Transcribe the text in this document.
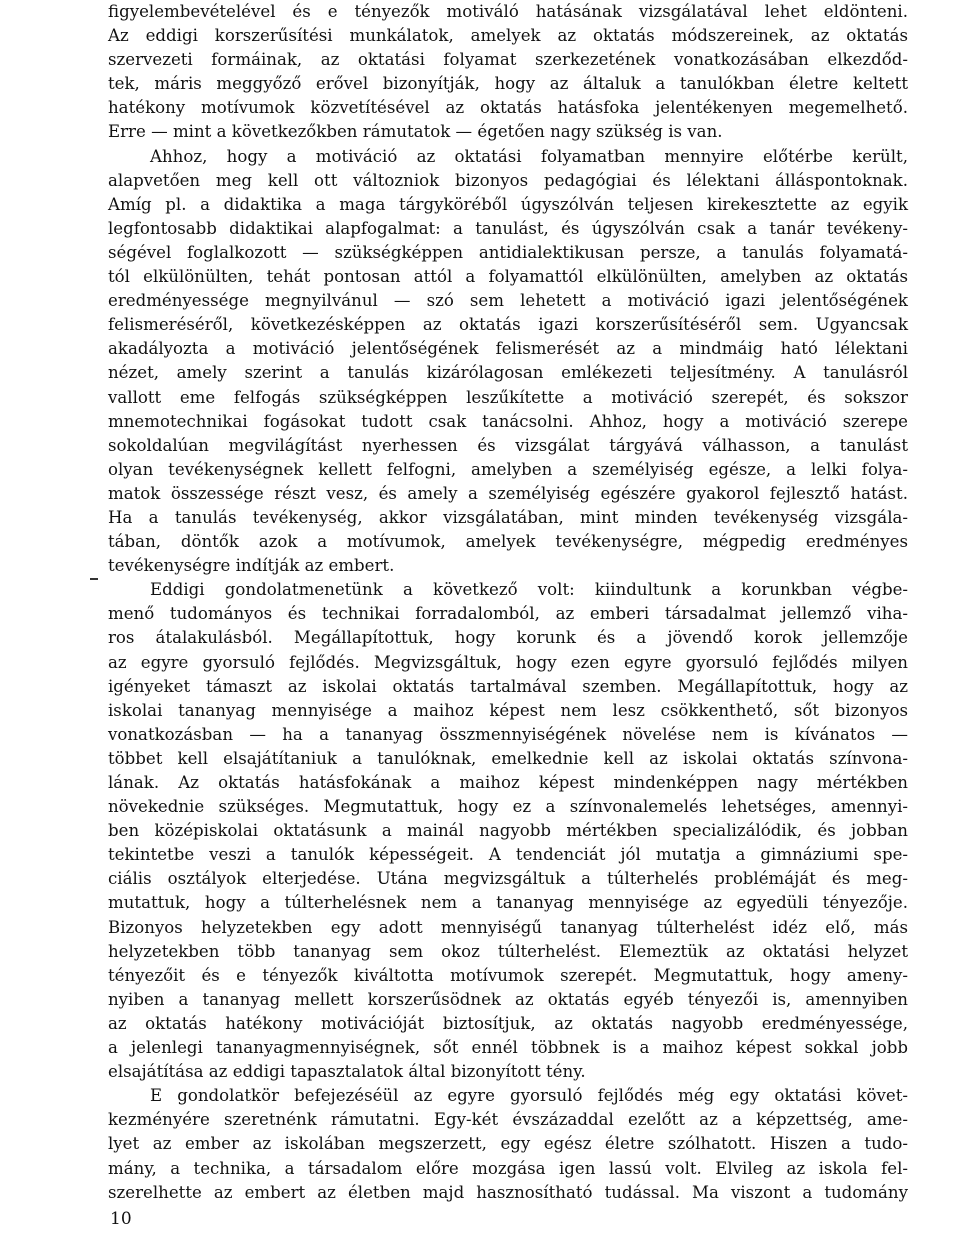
figyelembevételével és e tényezők motiváló hatásának vizsgálatával lehet eldönteni.
Az eddigi korszerűsítési munkálatok, amelyek az oktatás módszereinek, az oktatás
szervezeti formáinak, az oktatási folyamat szerkezetének vonatkozásában elkezdőd-
tek, máris meggyőző erővel bizonyítják, hogy az általuk a tanulókban életre keltett
hatékony motívumok közvetítésével az oktatás hatásfoka jelentékenyen megemelhető.
Erre — mint a következőkben rámutatok — égetően nagy szükség is van.
Ahhoz, hogy a motiváció az oktatási folyamatban mennyire előtérbe került,
alapvetően meg kell ott változniok bizonyos pedagógiai és lélektani álláspontoknak.
Amíg pl. a didaktika a maga tárgyköréből úgyszólván teljesen kirekesztette az egyik
legfontosabb didaktikai alapfogalmat: a tanulást, és úgyszólván csak a tanár tevékeny-
ségével foglalkozott — szükségképpen antidialektikusan persze, a tanulás folyamatá-
tól elkülönülten, tehát pontosan attól a folyamattól elkülönülten, amelyben az oktatás
eredményessége megnyilvánul — szó sem lehetett a motiváció igazi jelentőségének
felismeréséről, következésképpen az oktatás igazi korszerűsítéséről sem. Ugyancsak
akadályozta a motiváció jelentőségének felismerését az a mindmáig ható lélektani
nézet, amely szerint a tanulás kizárólagosan emlékezeti teljesítmény. A tanulásról
vallott eme felfogás szükségképpen leszűkítette a motiváció szerepét, és sokszor
mnemotechnikai fogásokat tudott csak tanácsolni. Ahhoz, hogy a motiváció szerepe
sokoldalúan megvilágítást nyerhessen és vizsgálat tárgyává válhasson, a tanulást
olyan tevékenységnek kellett felfogni, amelyben a személyiség egésze, a lelki folya-
matok összessége részt vesz, és amely a személyiség egészére gyakorol fejlesztő hatást.
Ha a tanulás tevékenység, akkor vizsgálatában, mint minden tevékenység vizsgála-
tában, döntők azok a motívumok, amelyek tevékenységre, mégpedig eredményes
tevékenységre indítják az embert.
Eddigi gondolatmenetünk a következő volt: kiindultunk a korunkban végbe-
menő tudományos és technikai forradalomból, az emberi társadalmat jellemző viha-
ros átalakulásból. Megállapítottuk, hogy korunk és a jövendő korok jellemzője
az egyre gyorsuló fejlődés. Megvizsgáltuk, hogy ezen egyre gyorsuló fejlődés milyen
igényeket támaszt az iskolai oktatás tartalmával szemben. Megállapítottuk, hogy az
iskolai tananyag mennyisége a maihoz képest nem lesz csökkenthető, sőt bizonyos
vonatkozásban — ha a tananyag összmennyiségének növelése nem is kívánatos —
többet kell elsajátítaniuk a tanulóknak, emelkednie kell az iskolai oktatás színvona-
lának. Az oktatás hatásfokának a maihoz képest mindenképpen nagy mértékben
növekednie szükséges. Megmutattuk, hogy ez a színvonalemelés lehetséges, amennyi-
ben középiskolai oktatásunk a mainál nagyobb mértékben specializálódik, és jobban
tekintetbe veszi a tanulók képességeit. A tendenciát jól mutatja a gimnáziumi spe-
ciális osztályok elterjedése. Utána megvizsgáltuk a túlterhelés problémáját és meg-
mutattuk, hogy a túlterhelésnek nem a tananyag mennyisége az egyedüli tényezője.
Bizonyos helyzetekben egy adott mennyiségű tananyag túlterhelést idéz elő, más
helyzetekben több tananyag sem okoz túlterhelést. Elemeztük az oktatási helyzet
tényezőit és e tényezők kiváltotta motívumok szerepét. Megmutattuk, hogy ameny-
nyiben a tananyag mellett korszerűsödnek az oktatás egyéb tényezői is, amennyiben
az oktatás hatékony motivációját biztosítjuk, az oktatás nagyobb eredményessége,
a jelenlegi tananyagmennyiségnek, sőt ennél többnek is a maihoz képest sokkal jobb
elsajátítása az eddigi tapasztalatok által bizonyított tény.
E gondolatkör befejezéséül az egyre gyorsuló fejlődés még egy oktatási követ-
kezményére szeretnénk rámutatni. Egy-két évszázaddal ezelőtt az a képzettség, ame-
lyet az ember az iskolában megszerzett, egy egész életre szólhatott. Hiszen a tudo-
mány, a technika, a társadalom előre mozgása igen lassú volt. Elvileg az iskola fel-
szerelhette az embert az életben majd hasznosítható tudással. Ma viszont a tudomány
10
